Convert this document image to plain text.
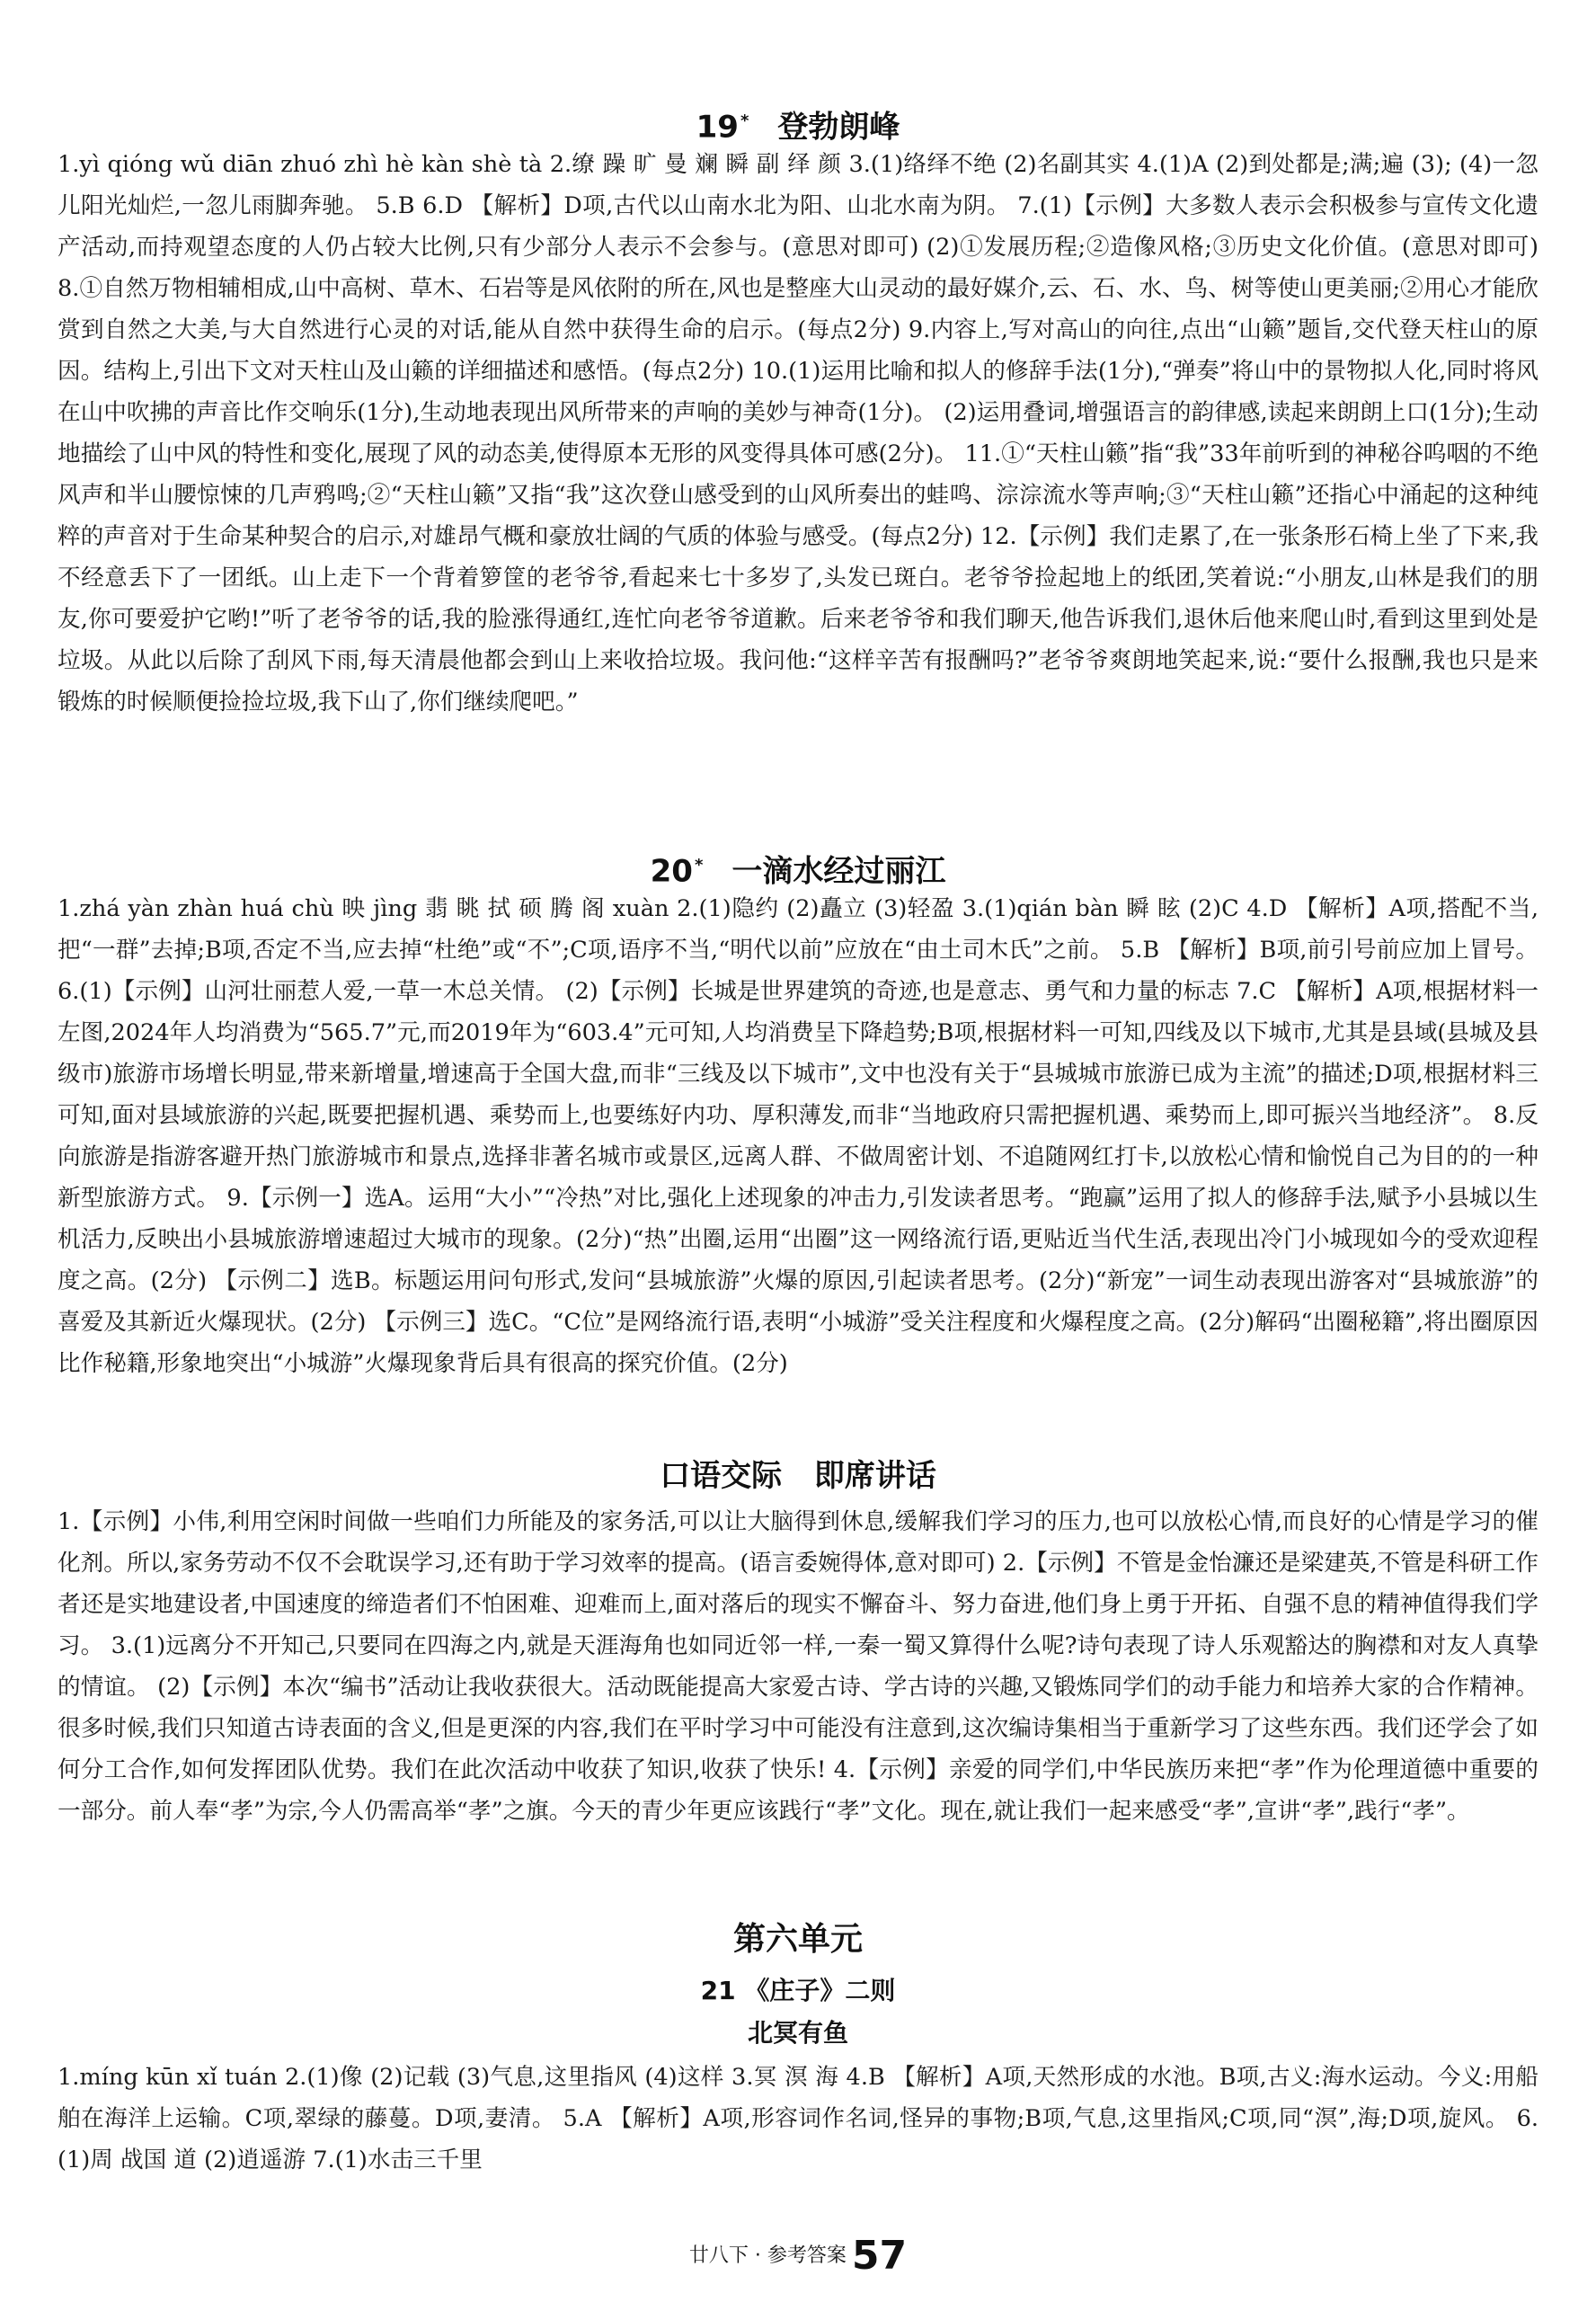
19 * 登勃朗峰

1.yì qióng wǔ diān zhuó zhì hè kàn shè tà 2.缭 躁 旷 曼 斓 瞬 副 绎 颜 3.(1)络绎不绝 (2)名副其实 4.(1)A (2)到处都是;满;遍 (3); (4)一忽儿阳光灿烂,一忽儿雨脚奔驰。 5.B 6.D 【解析】D项,古代以山南水北为阳、山北水南为阴。 7.(1)【示例】大多数人表示会积极参与宣传文化遗产活动,而持观望态度的人仍占较大比例,只有少部分人表示不会参与。(意思对即可) (2)①发展历程;②造像风格;③历史文化价值。(意思对即可) 8.①自然万物相辅相成,山中高树、草木、石岩等是风依附的所在,风也是整座大山灵动的最好媒介,云、石、水、鸟、树等使山更美丽;②用心才能欣赏到自然之大美,与大自然进行心灵的对话,能从自然中获得生命的启示。(每点2分) 9.内容上,写对高山的向往,点出“山籁”题旨,交代登天柱山的原因。结构上,引出下文对天柱山及山籁的详细描述和感悟。(每点2分) 10.(1)运用比喻和拟人的修辞手法(1分),“弹奏”将山中的景物拟人化,同时将风在山中吹拂的声音比作交响乐(1分),生动地表现出风所带来的声响的美妙与神奇(1分)。 (2)运用叠词,增强语言的韵律感,读起来朗朗上口(1分);生动地描绘了山中风的特性和变化,展现了风的动态美,使得原本无形的风变得具体可感(2分)。 11.①“天柱山籁”指“我”33年前听到的神秘谷呜咽的不绝风声和半山腰惊悚的几声鸦鸣;②“天柱山籁”又指“我”这次登山感受到的山风所奏出的蛙鸣、淙淙流水等声响;③“天柱山籁”还指心中涌起的这种纯粹的声音对于生命某种契合的启示,对雄昂气概和豪放壮阔的气质的体验与感受。(每点2分) 12.【示例】我们走累了,在一张条形石椅上坐了下来,我不经意丢下了一团纸。山上走下一个背着箩筐的老爷爷,看起来七十多岁了,头发已斑白。老爷爷捡起地上的纸团,笑着说:“小朋友,山林是我们的朋友,你可要爱护它哟!”听了老爷爷的话,我的脸涨得通红,连忙向老爷爷道歉。后来老爷爷和我们聊天,他告诉我们,退休后他来爬山时,看到这里到处是垃圾。从此以后除了刮风下雨,每天清晨他都会到山上来收拾垃圾。我问他:“这样辛苦有报酬吗?”老爷爷爽朗地笑起来,说:“要什么报酬,我也只是来锻炼的时候顺便捡捡垃圾,我下山了,你们继续爬吧。”

20 * 一滴水经过丽江

1.zhá yàn zhàn huá chù 映 jìng 翡 眺 拭 硕 腾 阁 xuàn 2.(1)隐约 (2)矗立 (3)轻盈 3.(1)qián bàn 瞬 眩 (2)C 4.D 【解析】A项,搭配不当,把“一群”去掉;B项,否定不当,应去掉“杜绝”或“不”;C项,语序不当,“明代以前”应放在“由土司木氏”之前。 5.B 【解析】B项,前引号前应加上冒号。 6.(1)【示例】山河壮丽惹人爱,一草一木总关情。 (2)【示例】长城是世界建筑的奇迹,也是意志、勇气和力量的标志 7.C 【解析】A项,根据材料一左图,2024年人均消费为“565.7”元,而2019年为“603.4”元可知,人均消费呈下降趋势;B项,根据材料一可知,四线及以下城市,尤其是县域(县城及县级市)旅游市场增长明显,带来新增量,增速高于全国大盘,而非“三线及以下城市”,文中也没有关于“县城城市旅游已成为主流”的描述;D项,根据材料三可知,面对县域旅游的兴起,既要把握机遇、乘势而上,也要练好内功、厚积薄发,而非“当地政府只需把握机遇、乘势而上,即可振兴当地经济”。 8.反向旅游是指游客避开热门旅游城市和景点,选择非著名城市或景区,远离人群、不做周密计划、不追随网红打卡,以放松心情和愉悦自己为目的的一种新型旅游方式。 9.【示例一】选A。运用“大小”“冷热”对比,强化上述现象的冲击力,引发读者思考。“跑赢”运用了拟人的修辞手法,赋予小县城以生机活力,反映出小县城旅游增速超过大城市的现象。(2分)“热”出圈,运用“出圈”这一网络流行语,更贴近当代生活,表现出冷门小城现如今的受欢迎程度之高。(2分) 【示例二】选B。标题运用问句形式,发问“县城旅游”火爆的原因,引起读者思考。(2分)“新宠”一词生动表现出游客对“县城旅游”的喜爱及其新近火爆现状。(2分) 【示例三】选C。“C位”是网络流行语,表明“小城游”受关注程度和火爆程度之高。(2分)解码“出圈秘籍”,将出圈原因比作秘籍,形象地突出“小城游”火爆现象背后具有很高的探究价值。(2分)

口语交际 即席讲话

1.【示例】小伟,利用空闲时间做一些咱们力所能及的家务活,可以让大脑得到休息,缓解我们学习的压力,也可以放松心情,而良好的心情是学习的催化剂。所以,家务劳动不仅不会耽误学习,还有助于学习效率的提高。(语言委婉得体,意对即可) 2.【示例】不管是金怡濂还是梁建英,不管是科研工作者还是实地建设者,中国速度的缔造者们不怕困难、迎难而上,面对落后的现实不懈奋斗、努力奋进,他们身上勇于开拓、自强不息的精神值得我们学习。 3.(1)远离分不开知己,只要同在四海之内,就是天涯海角也如同近邻一样,一秦一蜀又算得什么呢?诗句表现了诗人乐观豁达的胸襟和对友人真挚的情谊。 (2)【示例】本次“编书”活动让我收获很大。活动既能提高大家爱古诗、学古诗的兴趣,又锻炼同学们的动手能力和培养大家的合作精神。很多时候,我们只知道古诗表面的含义,但是更深的内容,我们在平时学习中可能没有注意到,这次编诗集相当于重新学习了这些东西。我们还学会了如何分工合作,如何发挥团队优势。我们在此次活动中收获了知识,收获了快乐! 4.【示例】亲爱的同学们,中华民族历来把“孝”作为伦理道德中重要的一部分。前人奉“孝”为宗,今人仍需高举“孝”之旗。今天的青少年更应该践行“孝”文化。现在,就让我们一起来感受“孝”,宣讲“孝”,践行“孝”。

第六单元
21 《庄子》二则
北冥有鱼

1.míng kūn xǐ tuán 2.(1)像 (2)记载 (3)气息,这里指风 (4)这样 3.冥 溟 海 4.B 【解析】A项,天然形成的水池。B项,古义:海水运动。今义:用船舶在海洋上运输。C项,翠绿的藤蔓。D项,妻清。 5.A 【解析】A项,形容词作名词,怪异的事物;B项,气息,这里指风;C项,同“溟”,海;D项,旋风。 6.(1)周 战国 道 (2)逍遥游 7.(1)水击三千里

廿八下 · 参考答案 57
